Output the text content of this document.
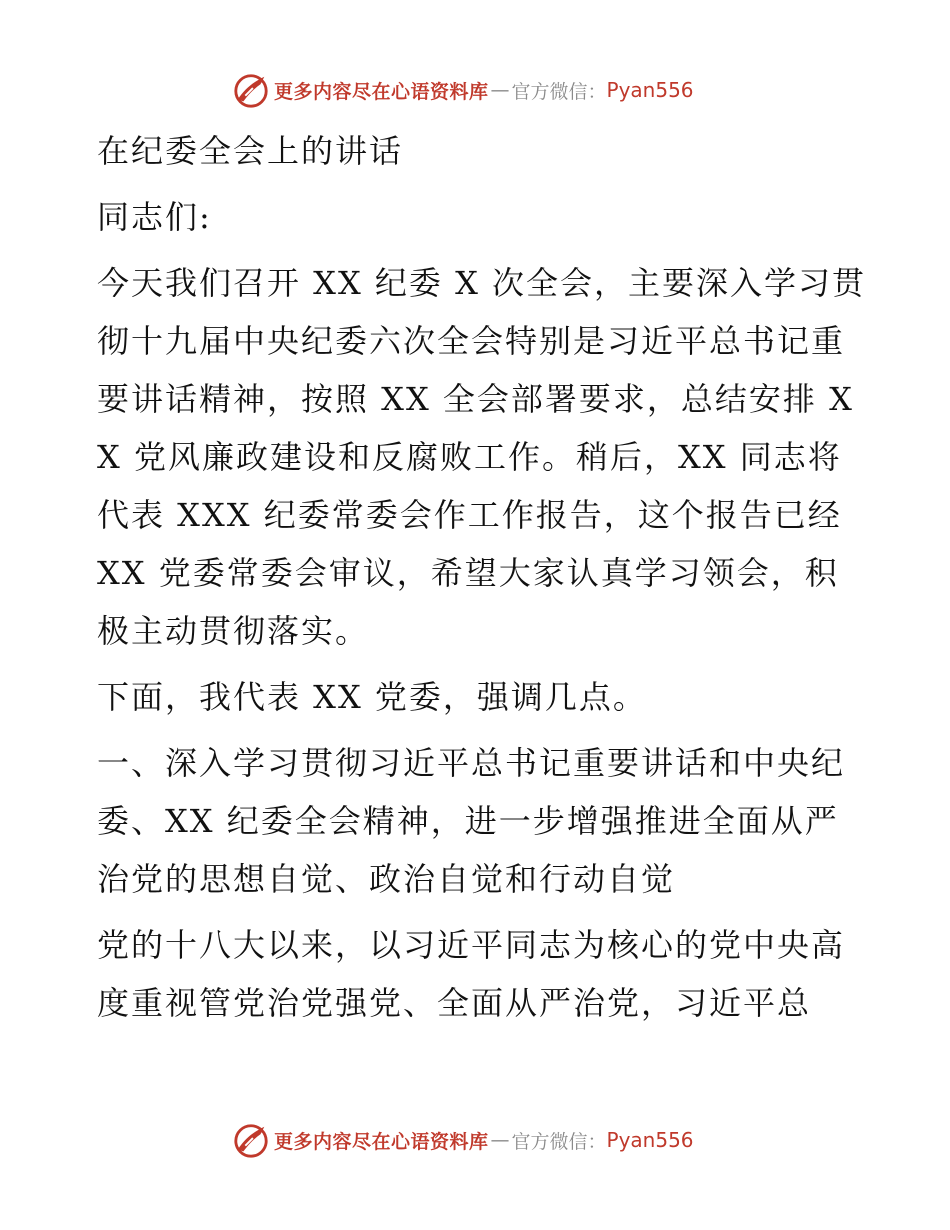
更多内容尽在心语资料库 — 官方微信： Pyan556

在纪委全会上的讲话

同志们:

今天我们召开 XX 纪委 X 次全会，主要深入学习贯彻十九届中央纪委六次全会特别是习近平总书记重要讲话精神，按照 XX 全会部署要求，总结安排 XX 党风廉政建设和反腐败工作。稍后，XX 同志将代表 XXX 纪委常委会作工作报告，这个报告已经 XX 党委常委会审议，希望大家认真学习领会，积极主动贯彻落实。

下面，我代表 XX 党委，强调几点。

一、深入学习贯彻习近平总书记重要讲话和中央纪委、XX 纪委全会精神，进一步增强推进全面从严治党的思想自觉、政治自觉和行动自觉

党的十八大以来，以习近平同志为核心的党中央高度重视管党治党强党、全面从严治党，习近平总

更多内容尽在心语资料库 — 官方微信： Pyan556
